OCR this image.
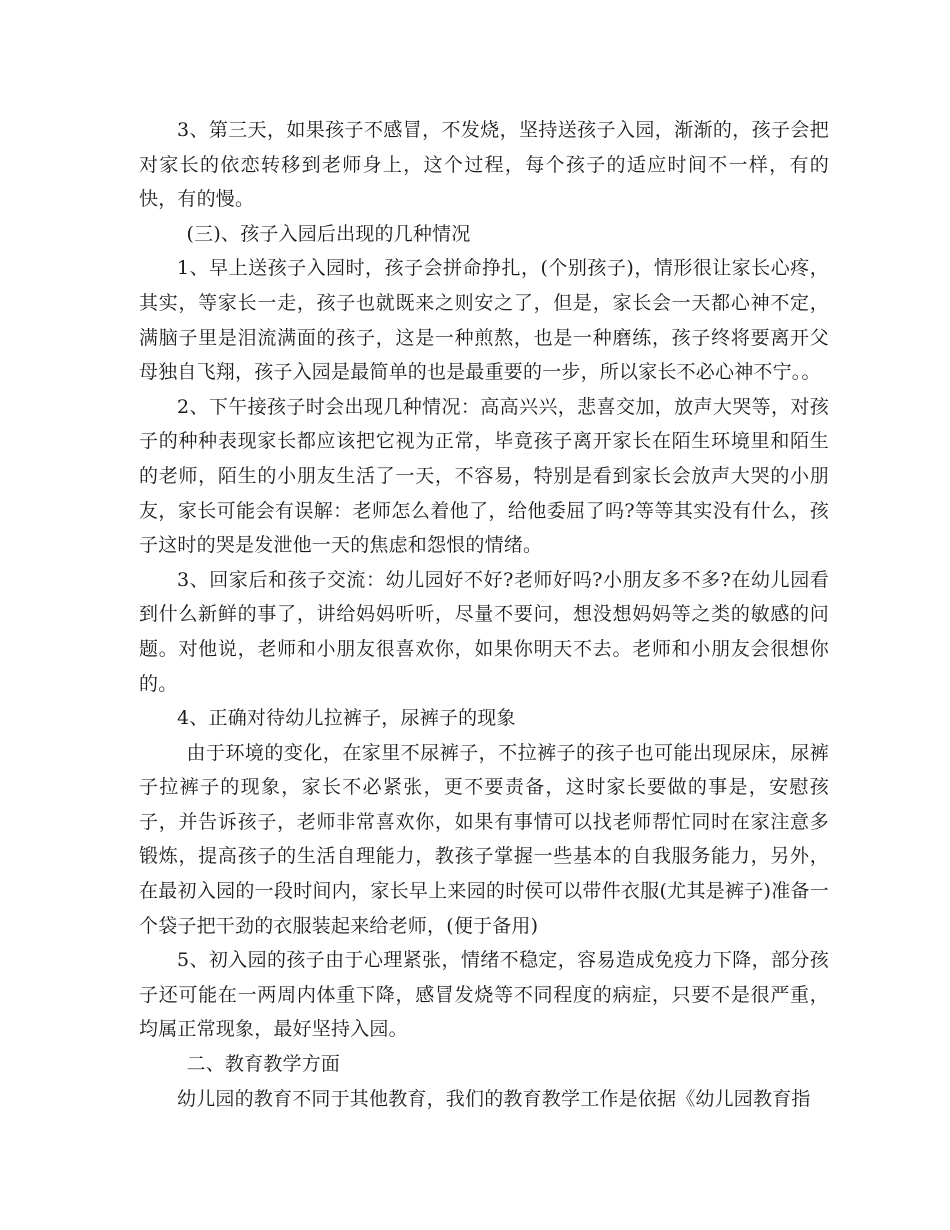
3、第三天，如果孩子不感冒，不发烧，坚持送孩子入园，渐渐的，孩子会把对家长的依恋转移到老师身上，这个过程，每个孩子的适应时间不一样，有的快，有的慢。

(三)、孩子入园后出现的几种情况

1、早上送孩子入园时，孩子会拼命挣扎，(个别孩子)，情形很让家长心疼，其实，等家长一走，孩子也就既来之则安之了，但是，家长会一天都心神不定，满脑子里是泪流满面的孩子，这是一种煎熬，也是一种磨练，孩子终将要离开父母独自飞翔，孩子入园是最简单的也是最重要的一步，所以家长不必心神不宁。。

2、下午接孩子时会出现几种情况：高高兴兴，悲喜交加，放声大哭等，对孩子的种种表现家长都应该把它视为正常，毕竟孩子离开家长在陌生环境里和陌生的老师，陌生的小朋友生活了一天，不容易，特别是看到家长会放声大哭的小朋友，家长可能会有误解：老师怎么着他了，给他委屈了吗?等等其实没有什么，孩子这时的哭是发泄他一天的焦虑和怨恨的情绪。

3、回家后和孩子交流：幼儿园好不好?老师好吗?小朋友多不多?在幼儿园看到什么新鲜的事了，讲给妈妈听听，尽量不要问，想没想妈妈等之类的敏感的问题。对他说，老师和小朋友很喜欢你，如果你明天不去。老师和小朋友会很想你的。

4、正确对待幼儿拉裤子，尿裤子的现象

由于环境的变化，在家里不尿裤子，不拉裤子的孩子也可能出现尿床，尿裤子拉裤子的现象，家长不必紧张，更不要责备，这时家长要做的事是，安慰孩子，并告诉孩子，老师非常喜欢你，如果有事情可以找老师帮忙同时在家注意多锻炼，提高孩子的生活自理能力，教孩子掌握一些基本的自我服务能力，另外，在最初入园的一段时间内，家长早上来园的时侯可以带件衣服(尤其是裤子)准备一个袋子把干劲的衣服装起来给老师，(便于备用)

5、初入园的孩子由于心理紧张，情绪不稳定，容易造成免疫力下降，部分孩子还可能在一两周内体重下降，感冒发烧等不同程度的病症，只要不是很严重，均属正常现象，最好坚持入园。

二、教育教学方面

幼儿园的教育不同于其他教育，我们的教育教学工作是依据《幼儿园教育指
